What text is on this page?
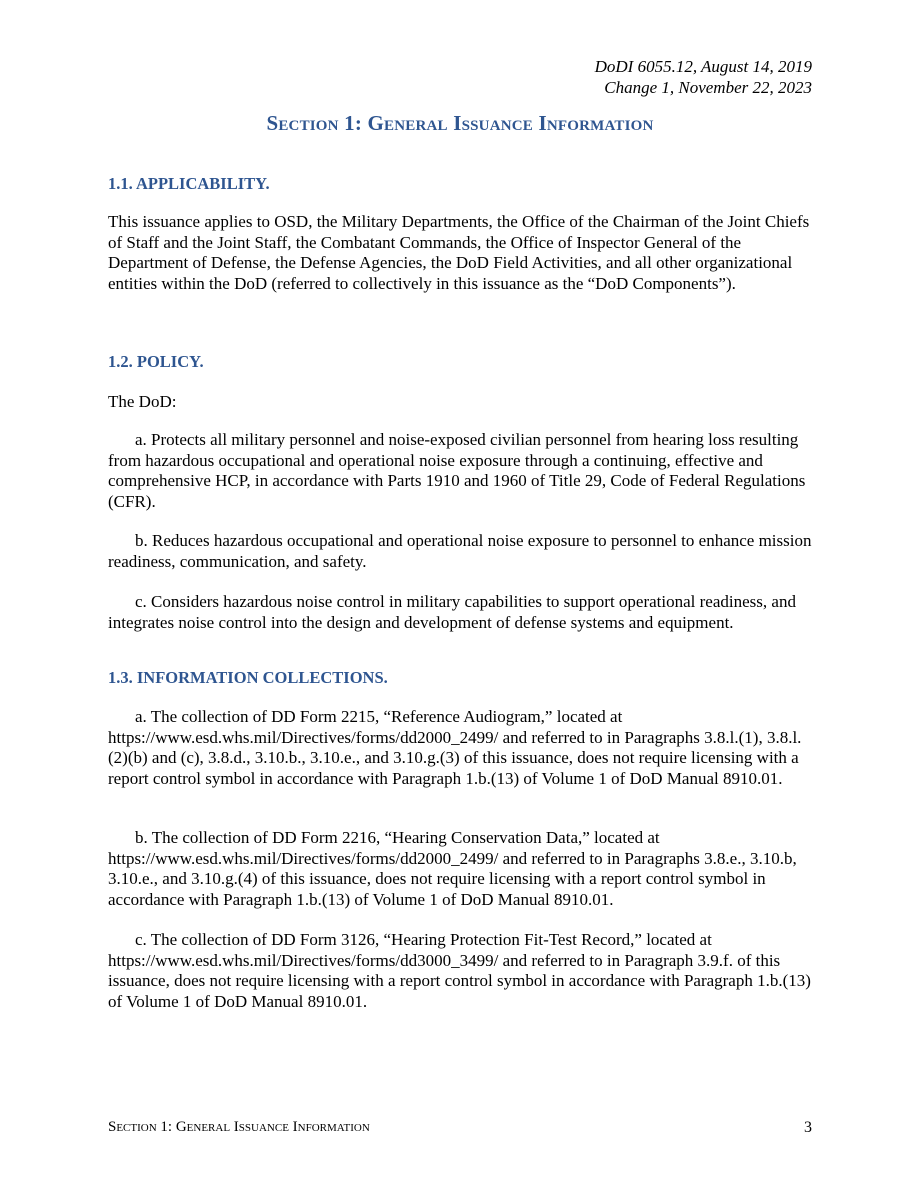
DoDI 6055.12, August 14, 2019
Change 1, November 22, 2023
Section 1: General Issuance Information
1.1. APPLICABILITY.
This issuance applies to OSD, the Military Departments, the Office of the Chairman of the Joint Chiefs of Staff and the Joint Staff, the Combatant Commands, the Office of Inspector General of the Department of Defense, the Defense Agencies, the DoD Field Activities, and all other organizational entities within the DoD (referred to collectively in this issuance as the “DoD Components”).
1.2. POLICY.
The DoD:
a. Protects all military personnel and noise-exposed civilian personnel from hearing loss resulting from hazardous occupational and operational noise exposure through a continuing, effective and comprehensive HCP, in accordance with Parts 1910 and 1960 of Title 29, Code of Federal Regulations (CFR).
b. Reduces hazardous occupational and operational noise exposure to personnel to enhance mission readiness, communication, and safety.
c. Considers hazardous noise control in military capabilities to support operational readiness, and integrates noise control into the design and development of defense systems and equipment.
1.3. INFORMATION COLLECTIONS.
a. The collection of DD Form 2215, “Reference Audiogram,” located at https://www.esd.whs.mil/Directives/forms/dd2000_2499/ and referred to in Paragraphs 3.8.l.(1), 3.8.l.(2)(b) and (c), 3.8.d., 3.10.b., 3.10.e., and 3.10.g.(3) of this issuance, does not require licensing with a report control symbol in accordance with Paragraph 1.b.(13) of Volume 1 of DoD Manual 8910.01.
b. The collection of DD Form 2216, “Hearing Conservation Data,” located at https://www.esd.whs.mil/Directives/forms/dd2000_2499/ and referred to in Paragraphs 3.8.e., 3.10.b, 3.10.e., and 3.10.g.(4) of this issuance, does not require licensing with a report control symbol in accordance with Paragraph 1.b.(13) of Volume 1 of DoD Manual 8910.01.
c. The collection of DD Form 3126, “Hearing Protection Fit-Test Record,” located at https://www.esd.whs.mil/Directives/forms/dd3000_3499/ and referred to in Paragraph 3.9.f. of this issuance, does not require licensing with a report control symbol in accordance with Paragraph 1.b.(13) of Volume 1 of DoD Manual 8910.01.
Section 1: General Issuance Information	3
